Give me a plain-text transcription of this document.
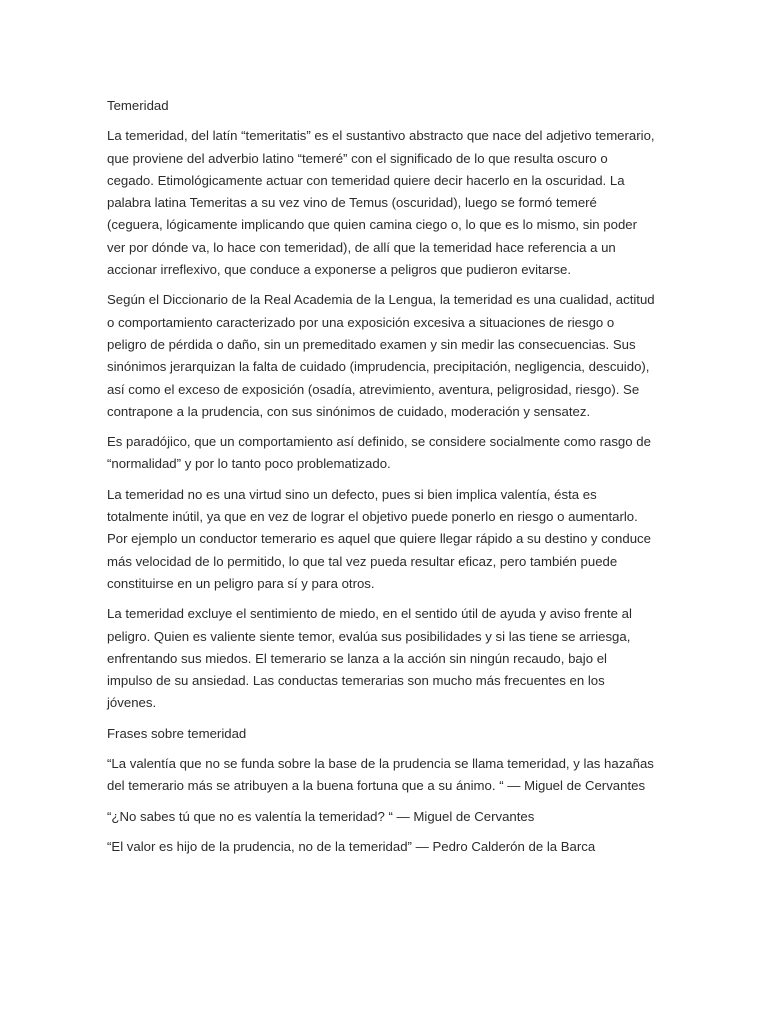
Temeridad

La temeridad, del latín “temeritatis” es el sustantivo abstracto que nace del adjetivo temerario, que proviene del adverbio latino “temeré” con el significado de lo que resulta oscuro o cegado. Etimológicamente actuar con temeridad quiere decir hacerlo en la oscuridad. La palabra latina Temeritas a su vez vino de Temus (oscuridad), luego se formó temeré (ceguera, lógicamente implicando que quien camina ciego o, lo que es lo mismo, sin poder ver por dónde va, lo hace con temeridad), de allí que la temeridad hace referencia a un accionar irreflexivo, que conduce a exponerse a peligros que pudieron evitarse.

Según el Diccionario de la Real Academia de la Lengua, la temeridad es una cualidad, actitud o comportamiento caracterizado por una exposición excesiva a situaciones de riesgo o peligro de pérdida o daño, sin un premeditado examen y sin medir las consecuencias. Sus sinónimos jerarquizan la falta de cuidado (imprudencia, precipitación, negligencia, descuido), así como el exceso de exposición (osadía, atrevimiento, aventura, peligrosidad, riesgo). Se contrapone a la prudencia, con sus sinónimos de cuidado, moderación y sensatez.

Es paradójico, que un comportamiento así definido, se considere socialmente como rasgo de “normalidad” y por lo tanto poco problematizado.

La temeridad no es una virtud sino un defecto, pues si bien implica valentía, ésta es totalmente inútil, ya que en vez de lograr el objetivo puede ponerlo en riesgo o aumentarlo. Por ejemplo un conductor temerario es aquel que quiere llegar rápido a su destino y conduce más velocidad de lo permitido, lo que tal vez pueda resultar eficaz, pero también puede constituirse en un peligro para sí y para otros.

La temeridad excluye el sentimiento de miedo, en el sentido útil de ayuda y aviso frente al peligro. Quien es valiente siente temor, evalúa sus posibilidades y si las tiene se arriesga, enfrentando sus miedos. El temerario se lanza a la acción sin ningún recaudo, bajo el impulso de su ansiedad. Las conductas temerarias son mucho más frecuentes en los jóvenes.

Frases sobre temeridad

“La valentía que no se funda sobre la base de la prudencia se llama temeridad, y las hazañas del temerario más se atribuyen a la buena fortuna que a su ánimo. “ — Miguel de Cervantes

“¿No sabes tú que no es valentía la temeridad? “ — Miguel de Cervantes

“El valor es hijo de la prudencia, no de la temeridad” — Pedro Calderón de la Barca
